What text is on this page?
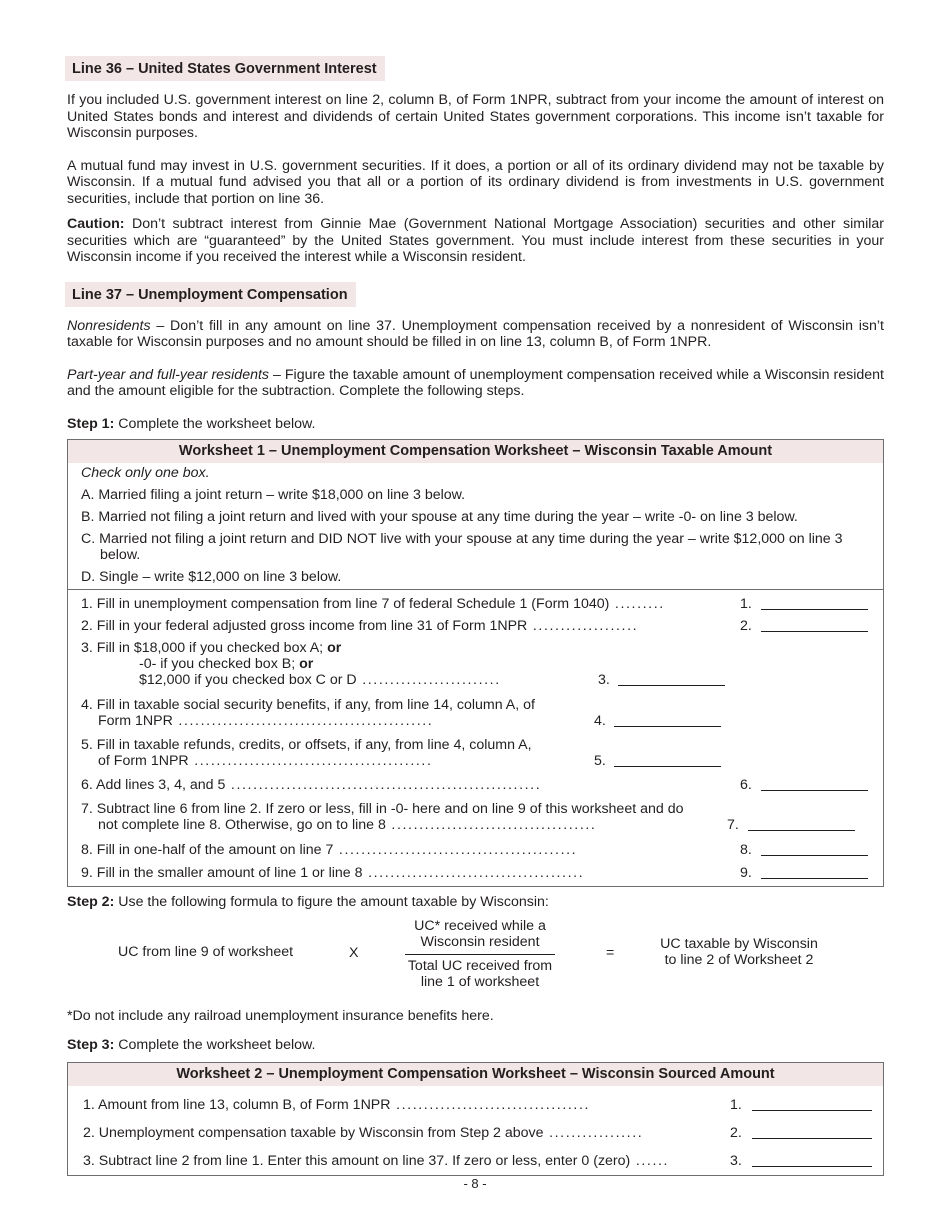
Line 36 – United States Government Interest

If you included U.S. government interest on line 2, column B, of Form 1NPR, subtract from your income the amount of interest on United States bonds and interest and dividends of certain United States government corporations. This income isn’t taxable for Wisconsin purposes.

A mutual fund may invest in U.S. government securities. If it does, a portion or all of its ordinary dividend may not be taxable by Wisconsin. If a mutual fund advised you that all or a portion of its ordinary dividend is from investments in U.S. government securities, include that portion on line 36.

Caution: Don’t subtract interest from Ginnie Mae (Government National Mortgage Association) securities and other similar securities which are “guaranteed” by the United States government. You must include interest from these securities in your Wisconsin income if you received the interest while a Wisconsin resident.

Line 37 – Unemployment Compensation

Nonresidents – Don’t fill in any amount on line 37. Unemployment compensation received by a nonresident of Wisconsin isn’t taxable for Wisconsin purposes and no amount should be filled in on line 13, column B, of Form 1NPR.

Part-year and full-year residents – Figure the taxable amount of unemployment compensation received while a Wisconsin resident and the amount eligible for the subtraction. Complete the following steps.

Step 1: Complete the worksheet below.

Worksheet 1 – Unemployment Compensation Worksheet – Wisconsin Taxable Amount
Check only one box.
A. Married filing a joint return – write $18,000 on line 3 below.
B. Married not filing a joint return and lived with your spouse at any time during the year – write -0- on line 3 below.
C. Married not filing a joint return and DID NOT live with your spouse at any time during the year – write $12,000 on line 3 below.
D. Single – write $12,000 on line 3 below.
1. Fill in unemployment compensation from line 7 of federal Schedule 1 (Form 1040) .........	1.
2. Fill in your federal adjusted gross income from line 31 of Form 1NPR ...................	2.
3. Fill in $18,000 if you checked box A; or
-0- if you checked box B; or
$12,000 if you checked box C or D .........................	3.
4. Fill in taxable social security benefits, if any, from line 14, column A, of
Form 1NPR ..............................................	4.
5. Fill in taxable refunds, credits, or offsets, if any, from line 4, column A,
of Form 1NPR ...........................................	5.
6. Add lines 3, 4, and 5 ........................................................	6.
7. Subtract line 6 from line 2. If zero or less, fill in -0- here and on line 9 of this worksheet and do
not complete line 8. Otherwise, go on to line 8 .....................................	7.
8. Fill in one-half of the amount on line 7 ...........................................	8.
9. Fill in the smaller amount of line 1 or line 8 .......................................	9.

Step 2: Use the following formula to figure the amount taxable by Wisconsin:

UC from line 9 of worksheet	X
UC* received while a
Wisconsin resident
Total UC received from
line 1 of worksheet
=
UC taxable by Wisconsin
to line 2 of Worksheet 2

*Do not include any railroad unemployment insurance benefits here.

Step 3: Complete the worksheet below.

Worksheet 2 – Unemployment Compensation Worksheet – Wisconsin Sourced Amount
1. Amount from line 13, column B, of Form 1NPR ...................................	1.
2. Unemployment compensation taxable by Wisconsin from Step 2 above .................	2.
3. Subtract line 2 from line 1. Enter this amount on line 37. If zero or less, enter 0 (zero) ......	3.
- 8 -
